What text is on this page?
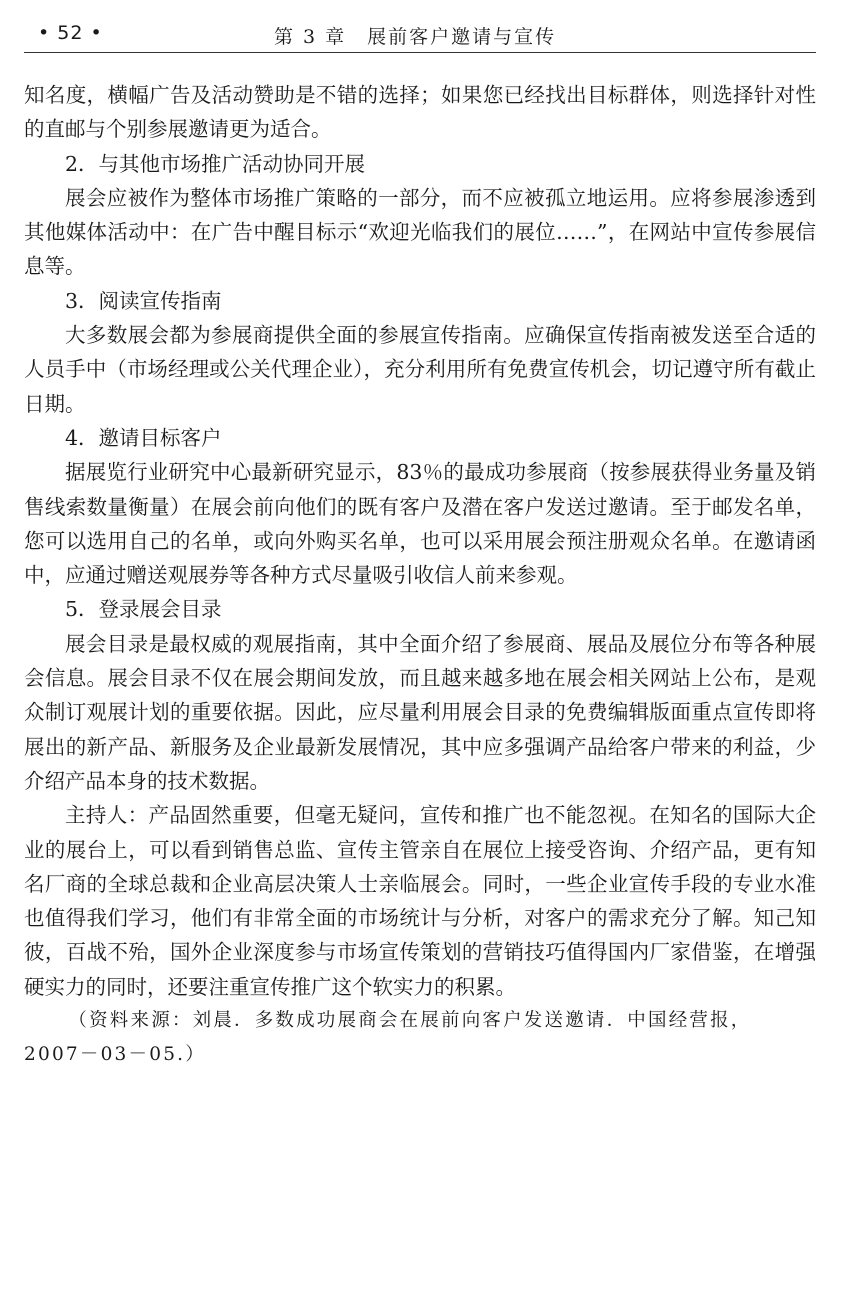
• 52 •	第 3 章　展前客户邀请与宣传

知名度，横幅广告及活动赞助是不错的选择；如果您已经找出目标群体，则选择针对性的直邮与个别参展邀请更为适合。

2．与其他市场推广活动协同开展

展会应被作为整体市场推广策略的一部分，而不应被孤立地运用。应将参展渗透到其他媒体活动中：在广告中醒目标示“欢迎光临我们的展位……”，在网站中宣传参展信息等。

3．阅读宣传指南

大多数展会都为参展商提供全面的参展宣传指南。应确保宣传指南被发送至合适的人员手中（市场经理或公关代理企业），充分利用所有免费宣传机会，切记遵守所有截止日期。

4．邀请目标客户

据展览行业研究中心最新研究显示，83％的最成功参展商（按参展获得业务量及销售线索数量衡量）在展会前向他们的既有客户及潜在客户发送过邀请。至于邮发名单，您可以选用自己的名单，或向外购买名单，也可以采用展会预注册观众名单。在邀请函中，应通过赠送观展券等各种方式尽量吸引收信人前来参观。

5．登录展会目录

展会目录是最权威的观展指南，其中全面介绍了参展商、展品及展位分布等各种展会信息。展会目录不仅在展会期间发放，而且越来越多地在展会相关网站上公布，是观众制订观展计划的重要依据。因此，应尽量利用展会目录的免费编辑版面重点宣传即将展出的新产品、新服务及企业最新发展情况，其中应多强调产品给客户带来的利益，少介绍产品本身的技术数据。

主持人：产品固然重要，但毫无疑问，宣传和推广也不能忽视。在知名的国际大企业的展台上，可以看到销售总监、宣传主管亲自在展位上接受咨询、介绍产品，更有知名厂商的全球总裁和企业高层决策人士亲临展会。同时，一些企业宣传手段的专业水准也值得我们学习，他们有非常全面的市场统计与分析，对客户的需求充分了解。知己知彼，百战不殆，国外企业深度参与市场宣传策划的营销技巧值得国内厂家借鉴，在增强硬实力的同时，还要注重宣传推广这个软实力的积累。

（资料来源：刘晨．多数成功展商会在展前向客户发送邀请．中国经营报，
2007－03－05.）
